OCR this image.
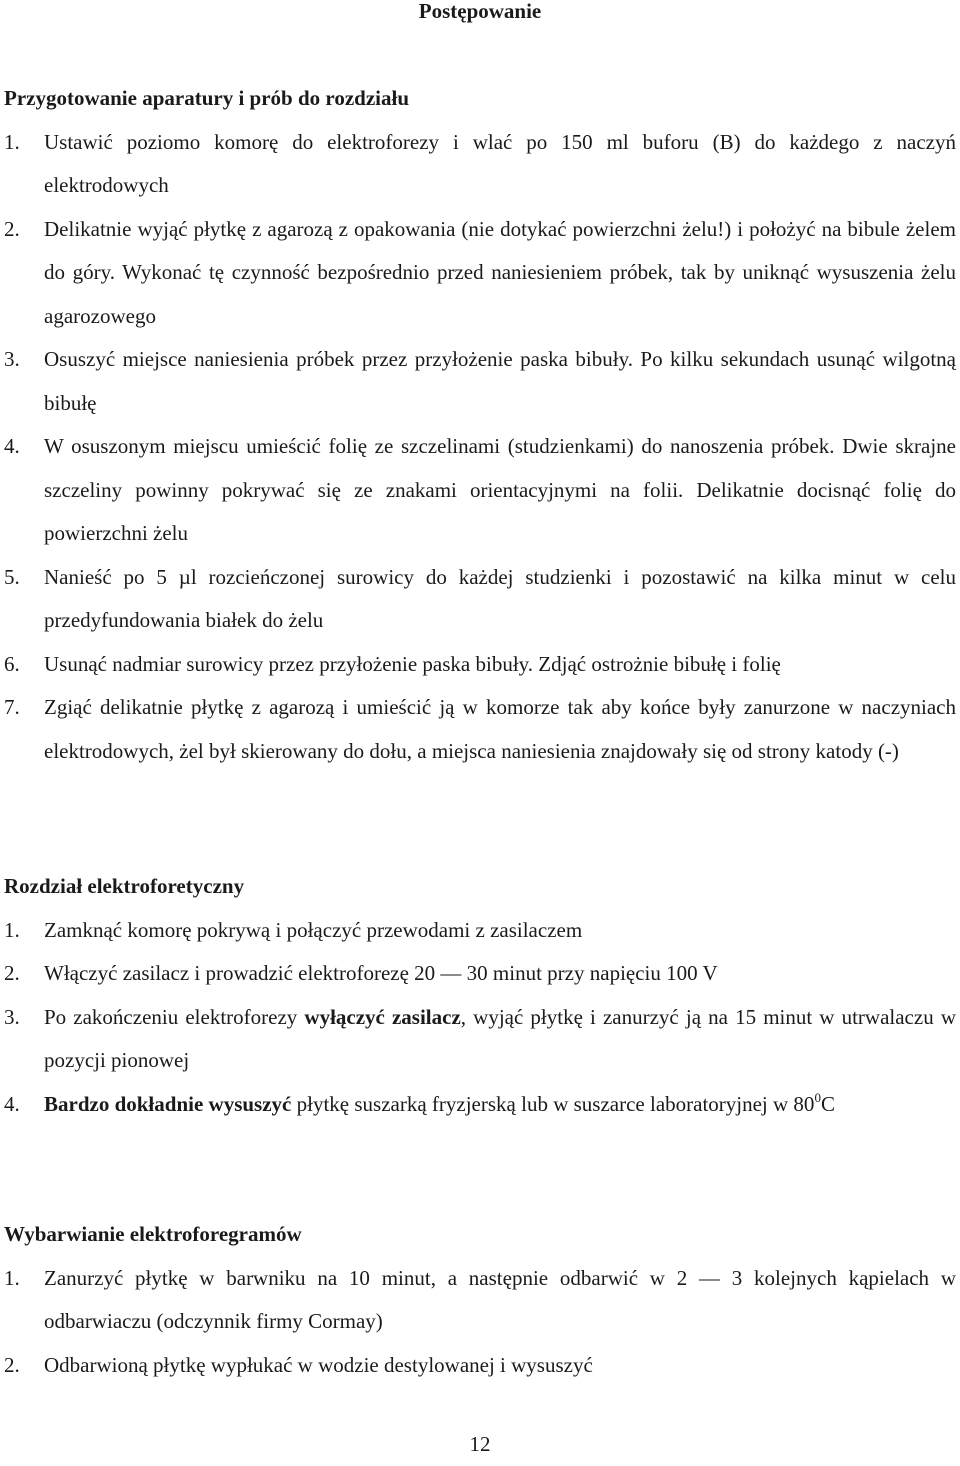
Postępowanie
Przygotowanie aparatury i prób do rozdziału
1.	Ustawić poziomo komorę do elektroforezy i wlać po 150 ml buforu (B) do każdego z naczyń elektrodowych
2.	Delikatnie wyjąć płytkę z agarozą z opakowania (nie dotykać powierzchni żelu!) i położyć na bibule żelem do góry. Wykonać tę czynność bezpośrednio przed naniesieniem próbek, tak by uniknąć wysuszenia żelu agarozowego
3.	Osuszyć miejsce naniesienia próbek przez przyłożenie paska bibuły. Po kilku sekundach usunąć wilgotną bibułę
4.	W osuszonym miejscu umieścić folię ze szczelinami (studzienkami) do nanoszenia próbek. Dwie skrajne szczeliny powinny pokrywać się ze znakami orientacyjnymi na folii. Delikatnie docisnąć folię do powierzchni żelu
5.	Nanieść po 5 µl rozcieńczonej surowicy do każdej studzienki i pozostawić na kilka minut w celu przedyfundowania białek do żelu
6.	Usunąć nadmiar surowicy przez przyłożenie paska bibuły. Zdjąć ostrożnie bibułę i folię
7.	Zgiąć delikatnie płytkę z agarozą i umieścić ją w komorze tak aby końce były zanurzone w naczyniach elektrodowych, żel był skierowany do dołu, a miejsca naniesienia znajdowały się od strony katody (-)
Rozdział elektroforetyczny
1.	Zamknąć komorę pokrywą i połączyć przewodami z zasilaczem
2.	Włączyć zasilacz i prowadzić elektroforezę 20 — 30 minut przy napięciu 100 V
3.	Po zakończeniu elektroforezy wyłączyć zasilacz, wyjąć płytkę i zanurzyć ją na 15 minut w utrwalaczu w pozycji pionowej
4.	Bardzo dokładnie wysuszyć płytkę suszarką fryzjerską lub w suszarce laboratoryjnej w $80^0C$
Wybarwianie elektroforegramów
1.	Zanurzyć płytkę w barwniku na 10 minut, a następnie odbarwić w 2 — 3 kolejnych kąpielach w odbarwiaczu (odczynnik firmy Cormay)
2.	Odbarwioną płytkę wypłukać w wodzie destylowanej i wysuszyć
12
